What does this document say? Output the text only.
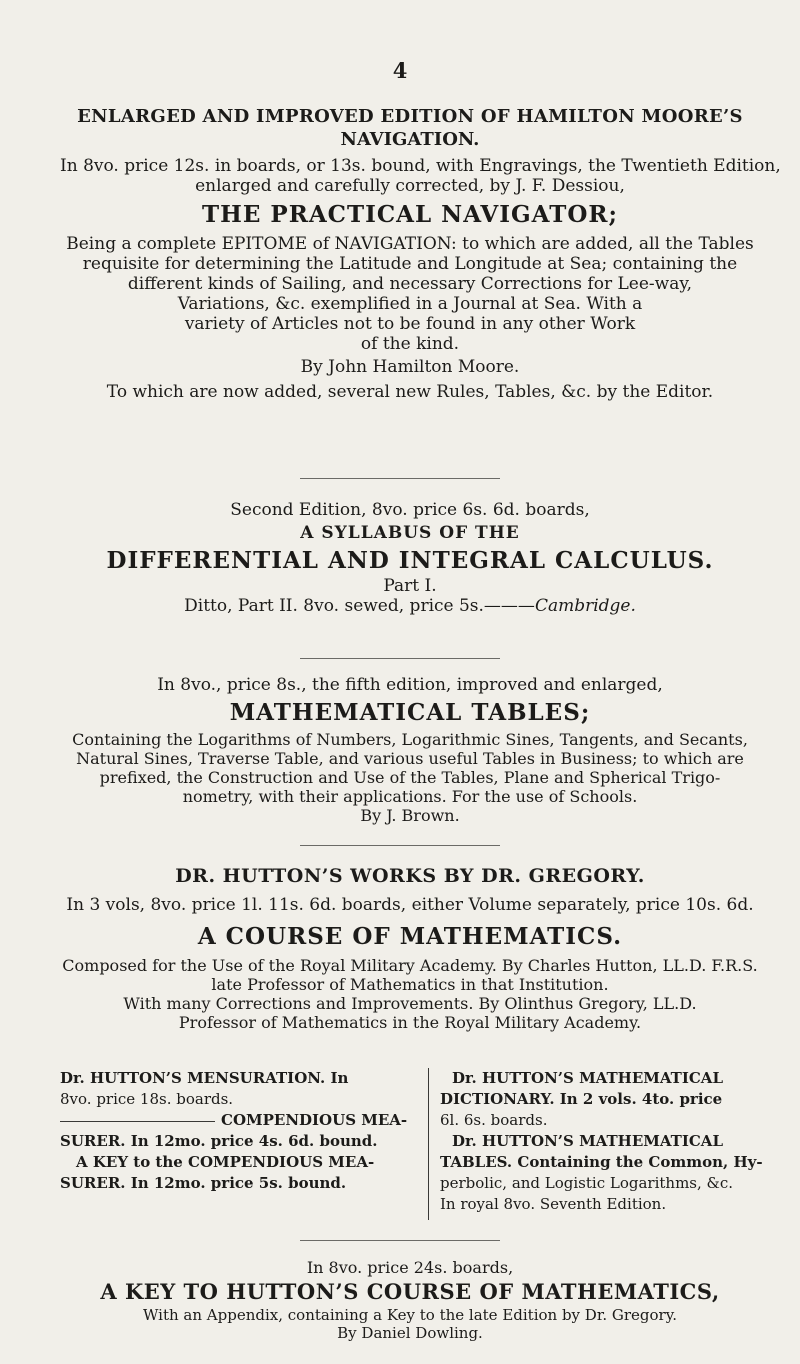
4
ENLARGED AND IMPROVED EDITION OF HAMILTON MOORE’S
NAVIGATION.
In 8vo. price 12s. in boards, or 13s. bound, with Engravings, the Twentieth Edition,
enlarged and carefully corrected, by J. F. Dessiou,
THE PRACTICAL NAVIGATOR;
Being a complete EPITOME of NAVIGATION: to which are added, all the Tables
requisite for determining the Latitude and Longitude at Sea; containing the
different kinds of Sailing, and necessary Corrections for Lee-way,
Variations, &c. exemplified in a Journal at Sea. With a
variety of Articles not to be found in any other Work
of the kind.
By John Hamilton Moore.
To which are now added, several new Rules, Tables, &c. by the Editor.
Second Edition, 8vo. price 6s. 6d. boards,
A SYLLABUS OF THE
DIFFERENTIAL AND INTEGRAL CALCULUS.
Part I.
Ditto, Part II. 8vo. sewed, price 5s.———Cambridge.
In 8vo., price 8s., the fifth edition, improved and enlarged,
MATHEMATICAL TABLES;
Containing the Logarithms of Numbers, Logarithmic Sines, Tangents, and Secants,
Natural Sines, Traverse Table, and various useful Tables in Business; to which are
prefixed, the Construction and Use of the Tables, Plane and Spherical Trigo-
nometry, with their applications. For the use of Schools.
By J. Brown.
DR. HUTTON’S WORKS BY DR. GREGORY.
In 3 vols, 8vo. price 1l. 11s. 6d. boards, either Volume separately, price 10s. 6d.
A COURSE OF MATHEMATICS.
Composed for the Use of the Royal Military Academy. By Charles Hutton, LL.D. F.R.S.
late Professor of Mathematics in that Institution.
With many Corrections and Improvements. By Olinthus Gregory, LL.D.
Professor of Mathematics in the Royal Military Academy.
Dr. HUTTON’S MENSURATION. In
8vo. price 18s. boards.
COMPENDIOUS MEA-
SURER. In 12mo. price 4s. 6d. bound.
A KEY to the COMPENDIOUS MEA-
SURER. In 12mo. price 5s. bound.
Dr. HUTTON’S MATHEMATICAL
DICTIONARY. In 2 vols. 4to. price
6l. 6s. boards.
Dr. HUTTON’S MATHEMATICAL
TABLES. Containing the Common, Hy-
perbolic, and Logistic Logarithms, &c.
In royal 8vo. Seventh Edition.
In 8vo. price 24s. boards,
A KEY TO HUTTON’S COURSE OF MATHEMATICS,
With an Appendix, containing a Key to the late Edition by Dr. Gregory.
By Daniel Dowling.
